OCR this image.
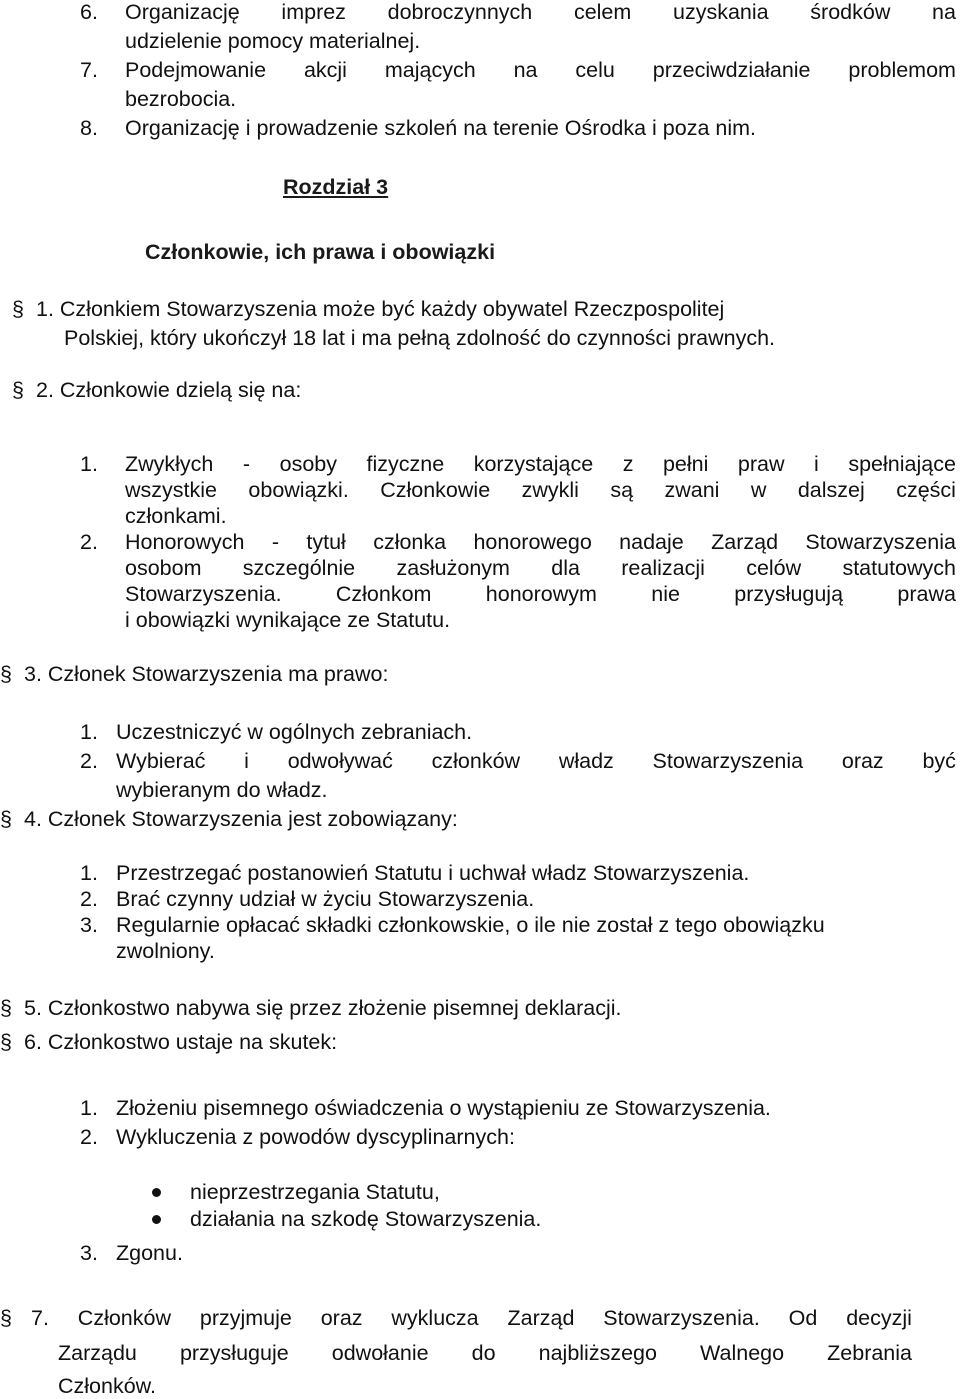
6. Organizację imprez dobroczynnych celem uzyskania środków na
udzielenie pomocy materialnej.
7. Podejmowanie akcji mających na celu przeciwdziałanie problemom
bezrobocia.
8. Organizację i prowadzenie szkoleń na terenie Ośrodka i poza nim.
Rozdział 3
Członkowie, ich prawa i obowiązki
§ 1. Członkiem Stowarzyszenia może być każdy obywatel Rzeczpospolitej
Polskiej, który ukończył 18 lat i ma pełną zdolność do czynności prawnych.
§ 2. Członkowie dzielą się na:
1. Zwykłych - osoby fizyczne korzystające z pełni praw i spełniające
wszystkie obowiązki. Członkowie zwykli są zwani w dalszej części
członkami.
2. Honorowych - tytuł członka honorowego nadaje Zarząd Stowarzyszenia
osobom szczególnie zasłużonym dla realizacji celów statutowych
Stowarzyszenia.	Członkom	honorowym	nie	przysługują	prawa
i obowiązki wynikające ze Statutu.
§ 3. Członek Stowarzyszenia ma prawo:
1. Uczestniczyć w ogólnych zebraniach.
2. Wybierać i odwoływać członków władz Stowarzyszenia oraz być
wybieranym do władz.
§ 4. Członek Stowarzyszenia jest zobowiązany:
1. Przestrzegać postanowień Statutu i uchwał władz Stowarzyszenia.
2. Brać czynny udział w życiu Stowarzyszenia.
3. Regularnie opłacać składki członkowskie, o ile nie został z tego obowiązku
zwolniony.
§ 5. Członkostwo nabywa się przez złożenie pisemnej deklaracji.
§ 6. Członkostwo ustaje na skutek:
1. Złożeniu pisemnego oświadczenia o wystąpieniu ze Stowarzyszenia.
2. Wykluczenia z powodów dyscyplinarnych:
nieprzestrzegania Statutu,
działania na szkodę Stowarzyszenia.
3. Zgonu.
§ 7. Członków przyjmuje oraz wyklucza Zarząd Stowarzyszenia. Od decyzji
Zarządu przysługuje odwołanie do najbliższego Walnego Zebrania
Członków.
